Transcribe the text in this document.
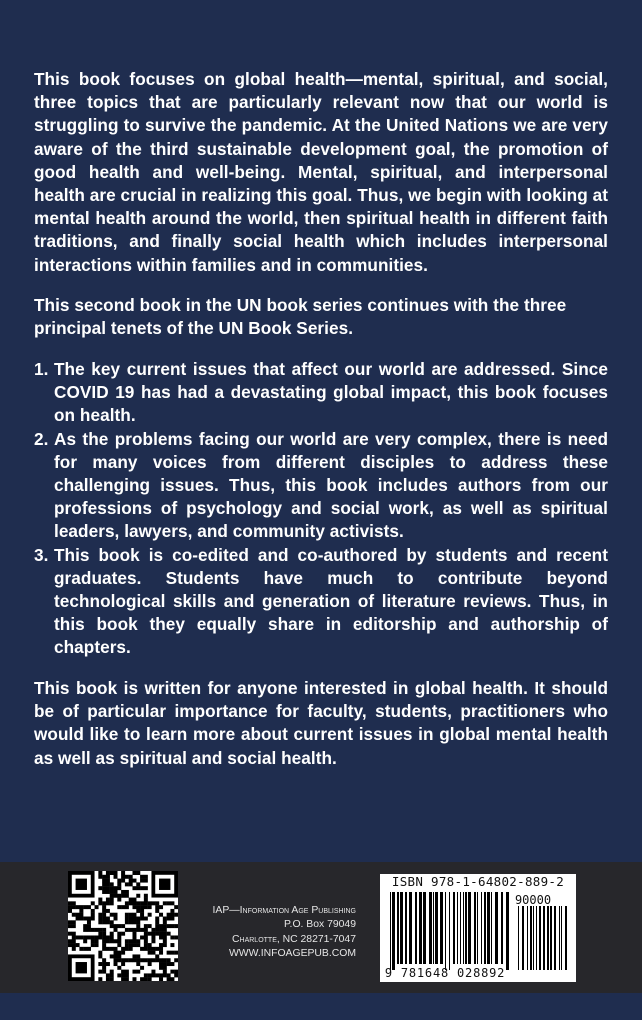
This book focuses on global health—mental, spiritual, and social, three topics that are particularly relevant now that our world is struggling to survive the pandemic. At the United Nations we are very aware of the third sustainable development goal, the promotion of good health and well-being. Mental, spiritual, and interpersonal health are crucial in realizing this goal. Thus, we begin with looking at mental health around the world, then spiritual health in different faith traditions, and finally social health which includes interpersonal interactions within families and in communities.
This second book in the UN book series continues with the three principal tenets of the UN Book Series.
1. The key current issues that affect our world are addressed. Since COVID 19 has had a devastating global impact, this book focuses on health.
2. As the problems facing our world are very complex, there is need for many voices from different disciples to address these challenging issues. Thus, this book includes authors from our professions of psychology and social work, as well as spiritual leaders, lawyers, and community activists.
3. This book is co-edited and co-authored by students and recent graduates. Students have much to contribute beyond technological skills and generation of literature reviews. Thus, in this book they equally share in editorship and authorship of chapters.
This book is written for anyone interested in global health. It should be of particular importance for faculty, students, practitioners who would like to learn more about current issues in global mental health as well as spiritual and social health.
IAP—Information Age Publishing
P.O. Box 79049
Charlotte, NC 28271-7047
WWW.INFOAGEPUB.COM
ISBN 978-1-64802-889-2
90000
9 781648 028892
